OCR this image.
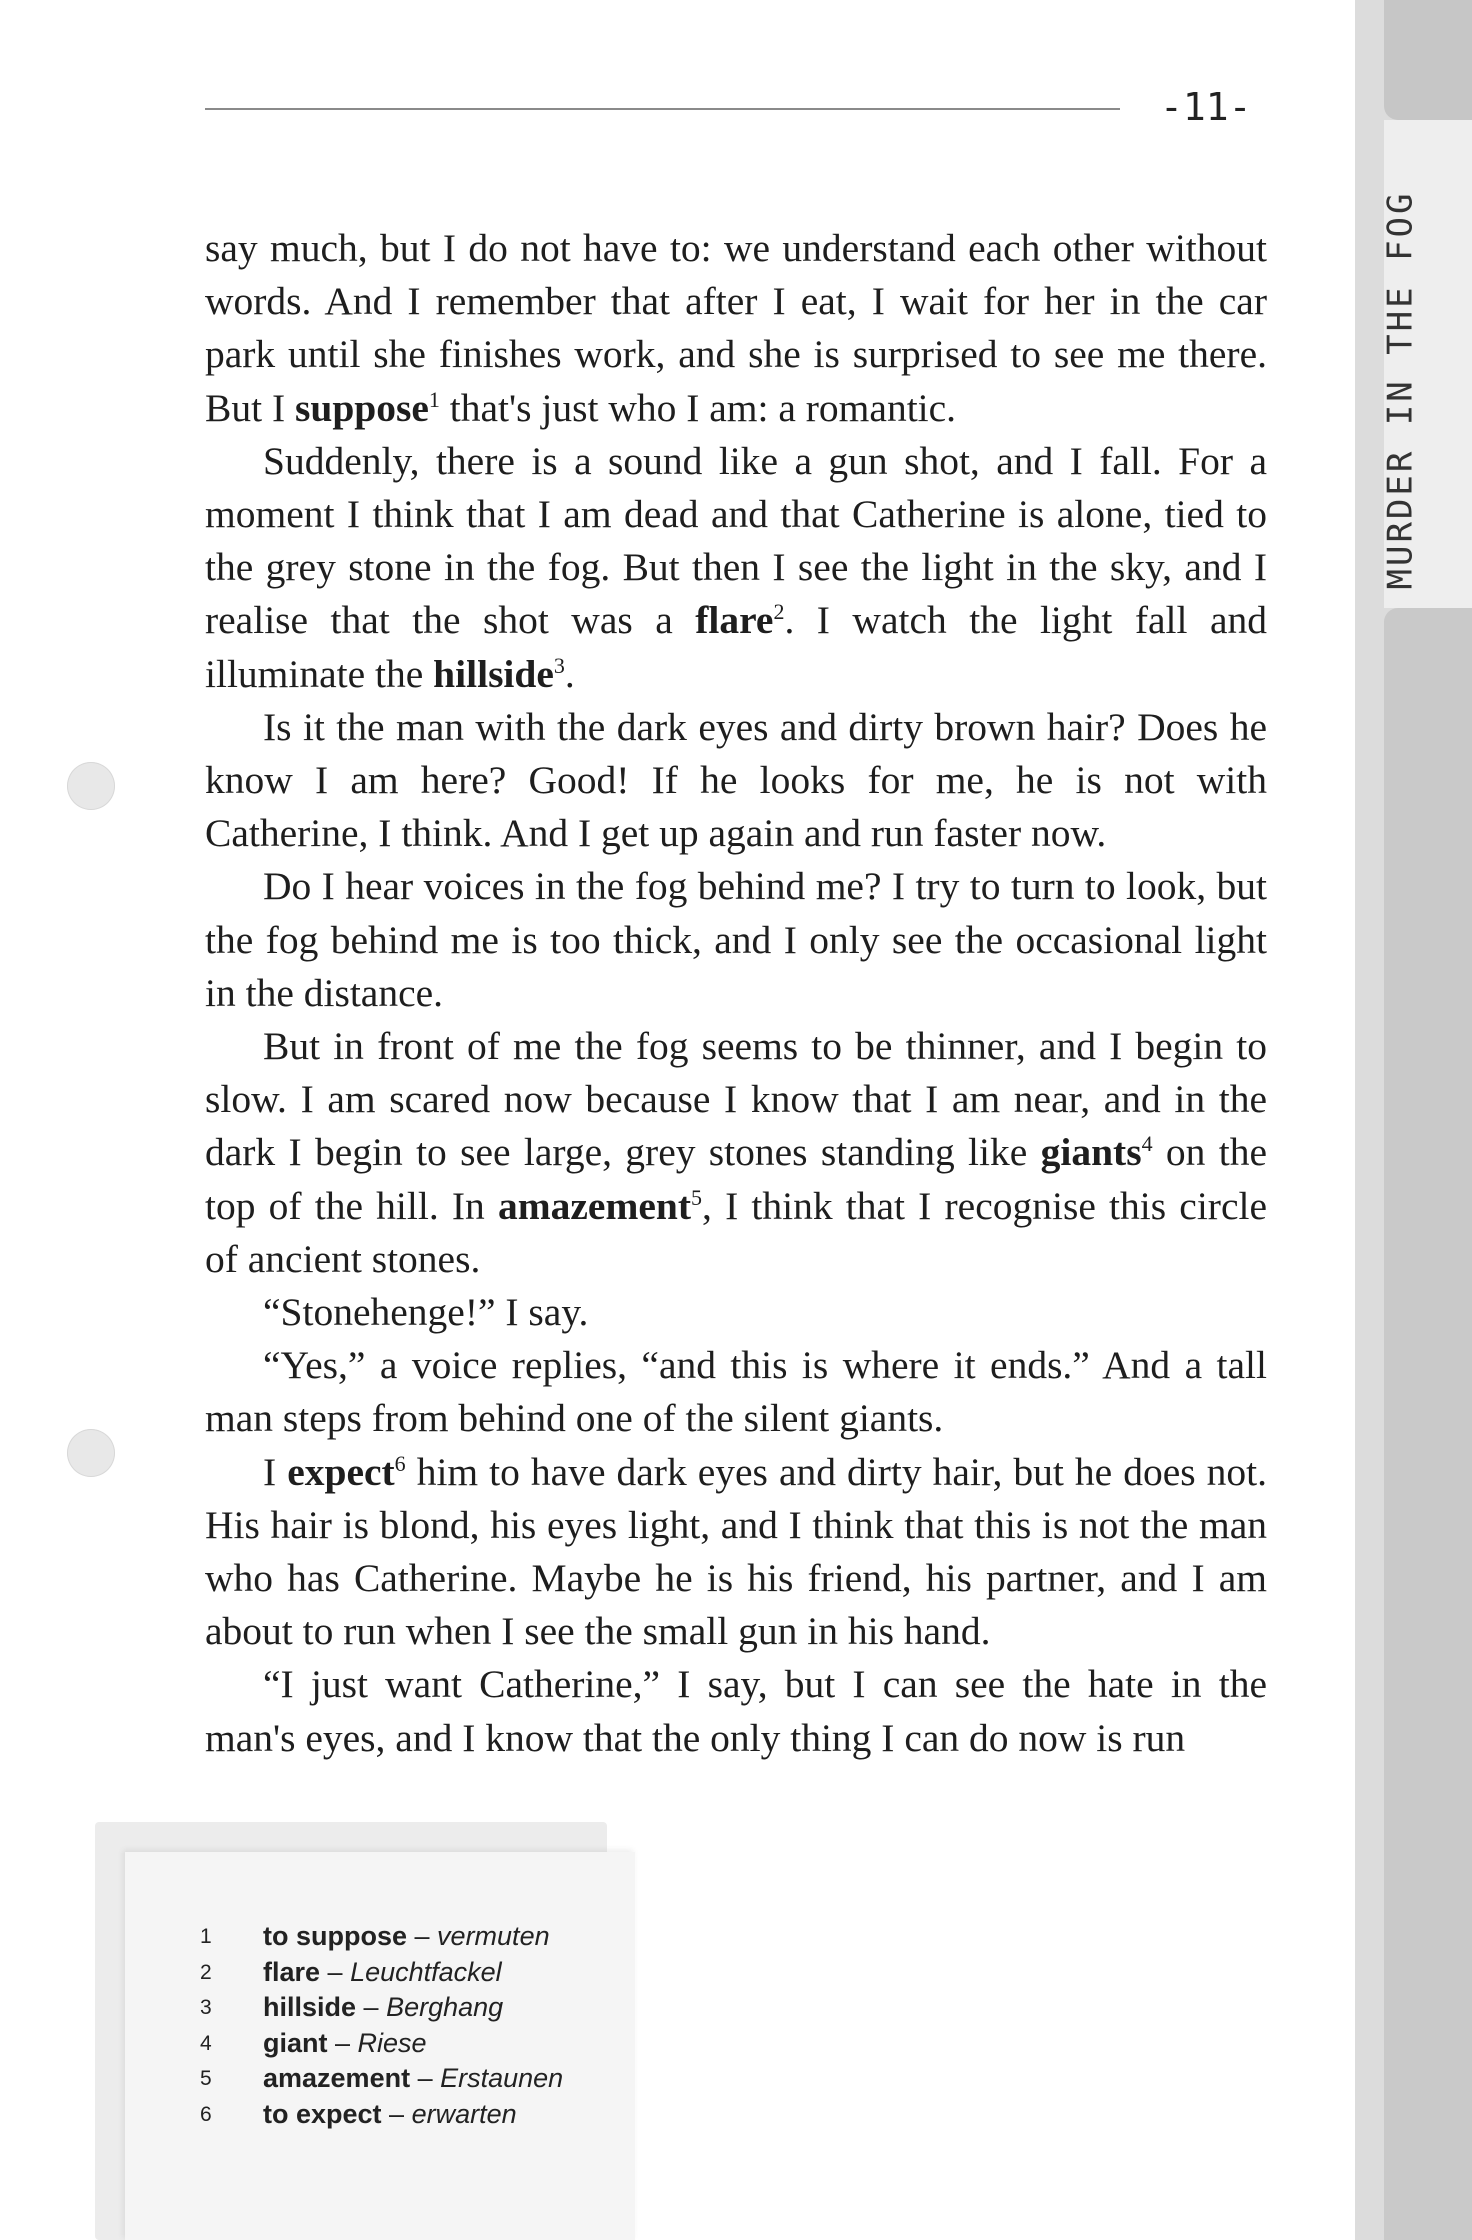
MURDER IN THE FOG
-11-

say much, but I do not have to: we understand each other without words. And I remember that after I eat, I wait for her in the car park until she finishes work, and she is surprised to see me there. But I suppose$^1$ that's just who I am: a romantic.

Suddenly, there is a sound like a gun shot, and I fall. For a moment I think that I am dead and that Catherine is alone, tied to the grey stone in the fog. But then I see the light in the sky, and I realise that the shot was a flare$^2$. I watch the light fall and illuminate the hillside$^3$.

Is it the man with the dark eyes and dirty brown hair? Does he know I am here? Good! If he looks for me, he is not with Catherine, I think. And I get up again and run faster now.

Do I hear voices in the fog behind me? I try to turn to look, but the fog behind me is too thick, and I only see the occasional light in the distance.

But in front of me the fog seems to be thinner, and I begin to slow. I am scared now because I know that I am near, and in the dark I begin to see large, grey stones standing like giants$^4$ on the top of the hill. In amazement$^5$, I think that I recognise this circle of ancient stones.

“Stonehenge!” I say.

“Yes,” a voice replies, “and this is where it ends.” And a tall man steps from behind one of the silent giants.

I expect$^6$ him to have dark eyes and dirty hair, but he does not. His hair is blond, his eyes light, and I think that this is not the man who has Catherine. Maybe he is his friend, his partner, and I am about to run when I see the small gun in his hand.

“I just want Catherine,” I say, but I can see the hate in the man's eyes, and I know that the only thing I can do now is run

1	to suppose – vermuten
2	flare – Leuchtfackel
3	hillside – Berghang
4	giant – Riese
5	amazement – Erstaunen
6	to expect – erwarten
